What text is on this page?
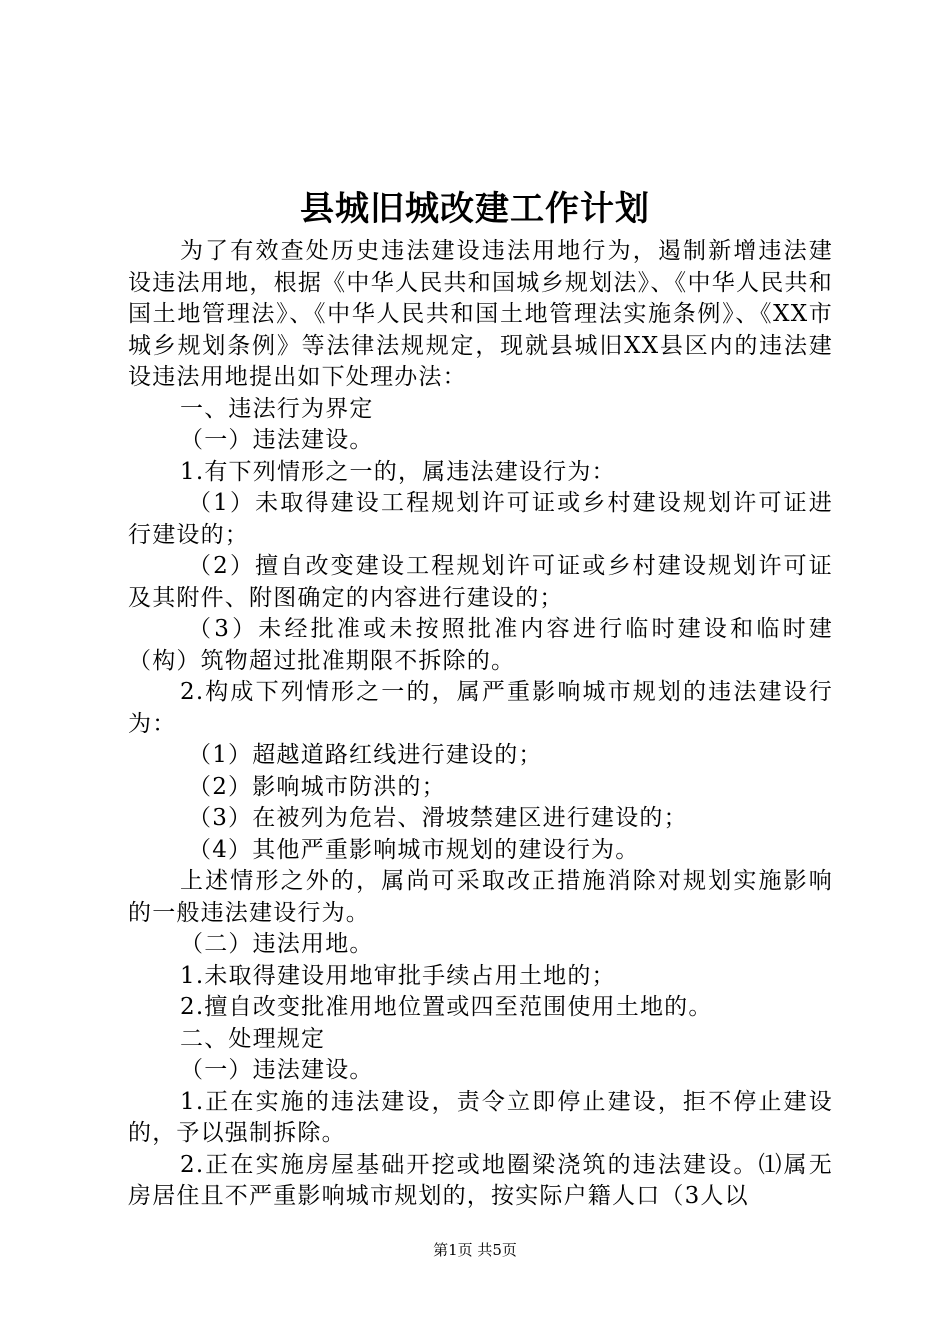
县城旧城改建工作计划

为了有效查处历史违法建设违法用地行为，遏制新增违法建设违法用地，根据《中华人民共和国城乡规划法》、《中华人民共和国土地管理法》、《中华人民共和国土地管理法实施条例》、《XX市城乡规划条例》等法律法规规定，现就县城旧XX县区内的违法建设违法用地提出如下处理办法：

一、违法行为界定

（一）违法建设。

1.有下列情形之一的，属违法建设行为：

（1）未取得建设工程规划许可证或乡村建设规划许可证进行建设的；

（2）擅自改变建设工程规划许可证或乡村建设规划许可证及其附件、附图确定的内容进行建设的；

（3）未经批准或未按照批准内容进行临时建设和临时建（构）筑物超过批准期限不拆除的。

2.构成下列情形之一的，属严重影响城市规划的违法建设行为：

（1）超越道路红线进行建设的；

（2）影响城市防洪的；

（3）在被列为危岩、滑坡禁建区进行建设的；

（4）其他严重影响城市规划的建设行为。

上述情形之外的，属尚可采取改正措施消除对规划实施影响的一般违法建设行为。

（二）违法用地。

1.未取得建设用地审批手续占用土地的；

2.擅自改变批准用地位置或四至范围使用土地的。

二、处理规定

（一）违法建设。

1.正在实施的违法建设，责令立即停止建设，拒不停止建设的，予以强制拆除。

2.正在实施房屋基础开挖或地圈梁浇筑的违法建设。⑴属无房居住且不严重影响城市规划的，按实际户籍人口（3人以

第1页 共5页
